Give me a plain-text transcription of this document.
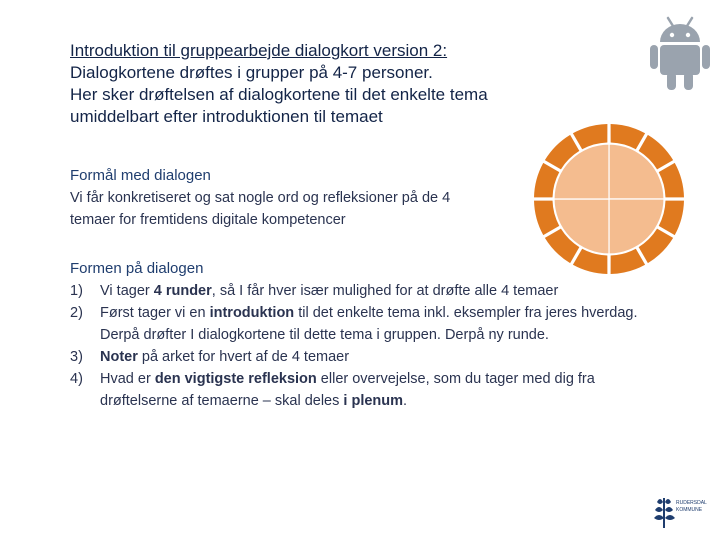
Introduktion til gruppearbejde dialogkort version 2:
Dialogkortene drøftes i grupper på 4-7 personer.
Her sker drøftelsen af dialogkortene til det enkelte tema
umiddelbart efter introduktionen til temaet
Formål med dialogen
Vi får konkretiseret og sat nogle ord og refleksioner på de 4
temaer for fremtidens digitale kompetencer
Formen på dialogen
1) Vi tager 4 runder, så I får hver især mulighed for at drøfte alle 4 temaer
2) Først tager vi en introduktion til det enkelte tema inkl. eksempler fra jeres hverdag. Derpå drøfter I dialogkortene til dette tema i gruppen. Derpå ny runde.
3) Noter på arket for hvert af de 4 temaer
4) Hvad er den vigtigste refleksion eller overvejelse, som du tager med dig fra drøftelserne af temaerne – skal deles i plenum.
RUDERSDAL
KOMMUNE
